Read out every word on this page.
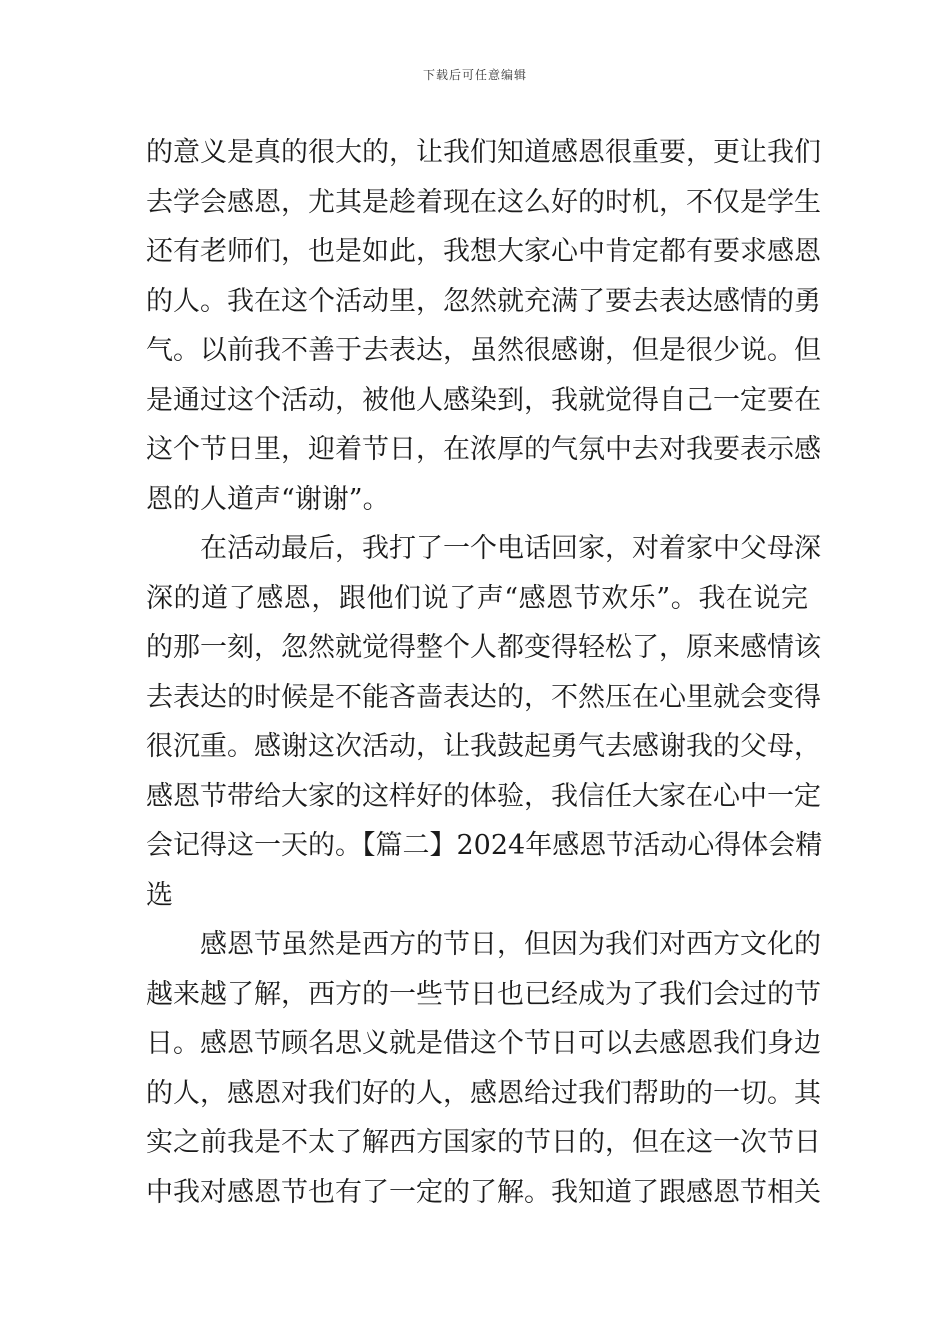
下载后可任意编辑
的意义是真的很大的，让我们知道感恩很重要，更让我们
去学会感恩，尤其是趁着现在这么好的时机，不仅是学生
还有老师们，也是如此，我想大家心中肯定都有要求感恩
的人。我在这个活动里，忽然就充满了要去表达感情的勇
气。以前我不善于去表达，虽然很感谢，但是很少说。但
是通过这个活动，被他人感染到，我就觉得自己一定要在
这个节日里，迎着节日，在浓厚的气氛中去对我要表示感
恩的人道声“谢谢”。
在活动最后，我打了一个电话回家，对着家中父母深
深的道了感恩，跟他们说了声“感恩节欢乐”。我在说完
的那一刻，忽然就觉得整个人都变得轻松了，原来感情该
去表达的时候是不能吝啬表达的，不然压在心里就会变得
很沉重。感谢这次活动，让我鼓起勇气去感谢我的父母，
感恩节带给大家的这样好的体验，我信任大家在心中一定
会记得这一天的。【篇二】2024年感恩节活动心得体会精
选
感恩节虽然是西方的节日，但因为我们对西方文化的
越来越了解，西方的一些节日也已经成为了我们会过的节
日。感恩节顾名思义就是借这个节日可以去感恩我们身边
的人，感恩对我们好的人，感恩给过我们帮助的一切。其
实之前我是不太了解西方国家的节日的，但在这一次节日
中我对感恩节也有了一定的了解。我知道了跟感恩节相关
